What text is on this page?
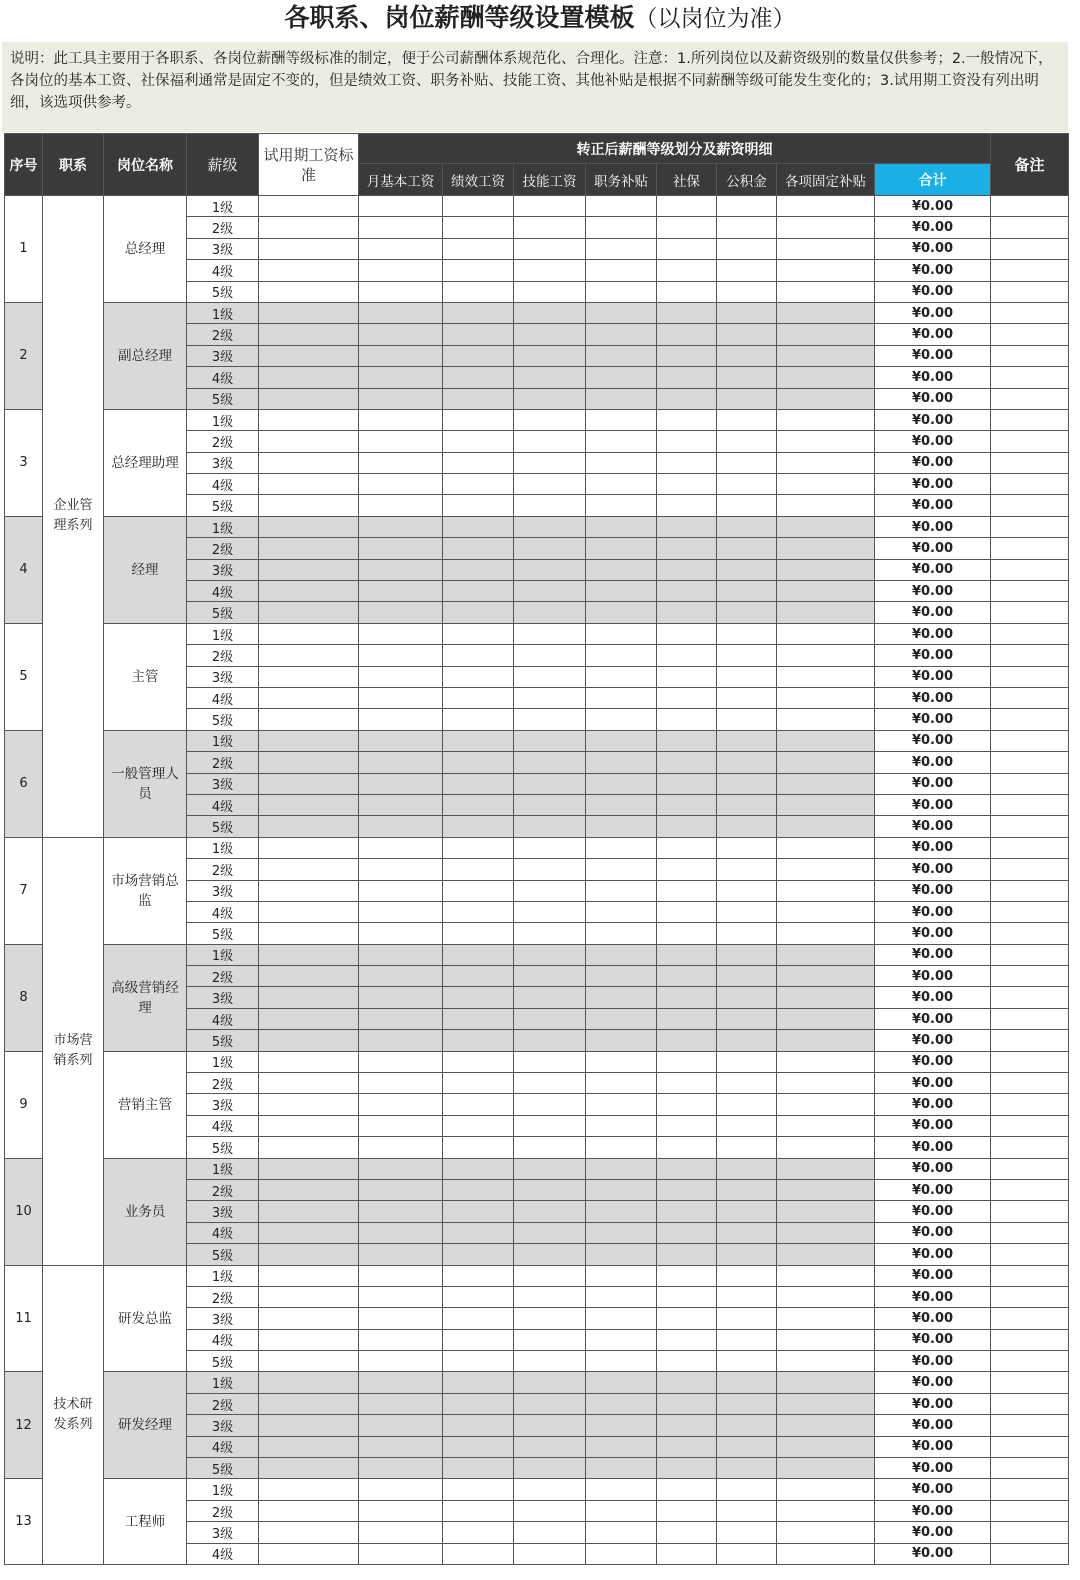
各职系、岗位薪酬等级设置模板（以岗位为准）
说明：此工具主要用于各职系、各岗位薪酬等级标准的制定，便于公司薪酬体系规范化、合理化。注意：1.所列岗位以及薪资级别的数量仅供参考；2.一般情况下，各岗位的基本工资、社保福利通常是固定不变的，但是绩效工资、职务补贴、技能工资、其他补贴是根据不同薪酬等级可能发生变化的；3.试用期工资没有列出明细，该选项供参考。
序号	职系	岗位名称	薪级	试用期工资标准	转正后薪酬等级划分及薪资明细								备注
					月基本工资	绩效工资	技能工资	职务补贴	社保	公积金	各项固定补贴	合计	
1	企业管理系列	总经理	1级									¥0.00	
			2级									¥0.00	
			3级									¥0.00	
			4级									¥0.00	
			5级									¥0.00	
2		副总经理	1级									¥0.00	
			2级									¥0.00	
			3级									¥0.00	
			4级									¥0.00	
			5级									¥0.00	
3		总经理助理	1级									¥0.00	
			2级									¥0.00	
			3级									¥0.00	
			4级									¥0.00	
			5级									¥0.00	
4		经理	1级									¥0.00	
			2级									¥0.00	
			3级									¥0.00	
			4级									¥0.00	
			5级									¥0.00	
5		主管	1级									¥0.00	
			2级									¥0.00	
			3级									¥0.00	
			4级									¥0.00	
			5级									¥0.00	
6		一般管理人员	1级									¥0.00	
			2级									¥0.00	
			3级									¥0.00	
			4级									¥0.00	
			5级									¥0.00	
7	市场营销系列	市场营销总监	1级									¥0.00	
			2级									¥0.00	
			3级									¥0.00	
			4级									¥0.00	
			5级									¥0.00	
8		高级营销经理	1级									¥0.00	
			2级									¥0.00	
			3级									¥0.00	
			4级									¥0.00	
			5级									¥0.00	
9		营销主管	1级									¥0.00	
			2级									¥0.00	
			3级									¥0.00	
			4级									¥0.00	
			5级									¥0.00	
10		业务员	1级									¥0.00	
			2级									¥0.00	
			3级									¥0.00	
			4级									¥0.00	
			5级									¥0.00	
11	技术研发系列	研发总监	1级									¥0.00	
			2级									¥0.00	
			3级									¥0.00	
			4级									¥0.00	
			5级									¥0.00	
12		研发经理	1级									¥0.00	
			2级									¥0.00	
			3级									¥0.00	
			4级									¥0.00	
			5级									¥0.00	
13		工程师	1级									¥0.00	
			2级									¥0.00	
			3级									¥0.00	
			4级									¥0.00	
